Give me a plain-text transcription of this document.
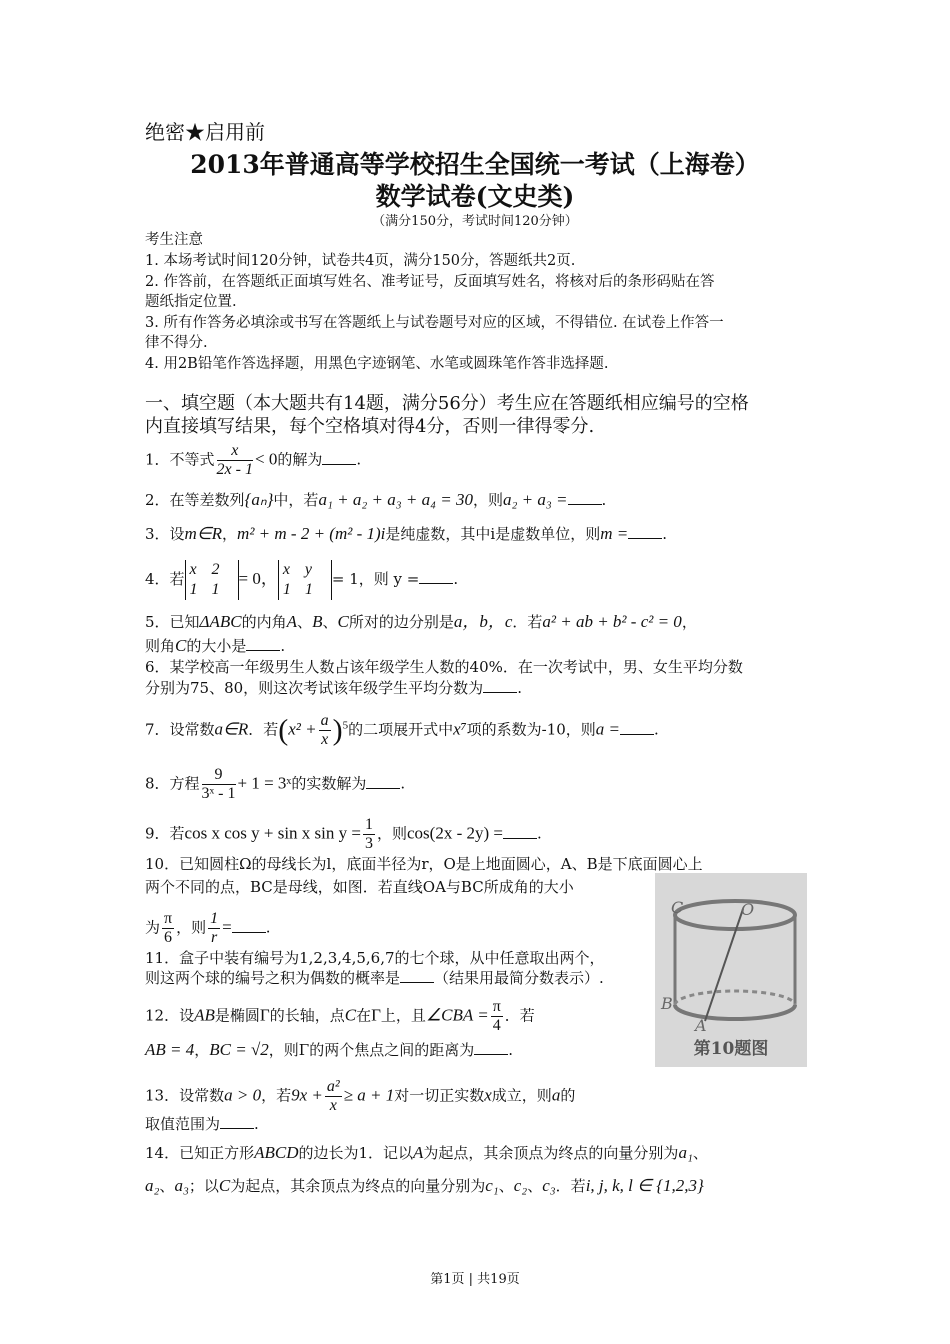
绝密★启用前
2013年普通高等学校招生全国统一考试（上海卷）
数学试卷(文史类)
（满分150分，考试时间120分钟）
考生注意
1. 本场考试时间120分钟，试卷共4页，满分150分，答题纸共2页.
2. 作答前，在答题纸正面填写姓名、准考证号，反面填写姓名，将核对后的条形码贴在答
题纸指定位置.
3. 所有作答务必填涂或书写在答题纸上与试卷题号对应的区域，不得错位. 在试卷上作答一
律不得分.
4. 用2B铅笔作答选择题，用黑色字迹钢笔、水笔或圆珠笔作答非选择题.
一、填空题（本大题共有14题，满分56分）考生应在答题纸相应编号的空格
内直接填写结果，每个空格填对得4分，否则一律得零分.
1．不等式 $\frac{x}{2x - 1} < 0$的解为 .
2．在等差数列{aₙ}中，若a₁ + a₂ + a₃ + a₄ = 30，则a₂ + a₃ = .
3．设m∈R，m² + m - 2 + (m² - 1)i是纯虚数，其中i是虚数单位，则m = .
4．若x 2
1 1= 0， x y
1 1= 1，则 y = .
5．已知ΔABC的内角A、B、C所对的边分别是a，b，c．若a² + ab + b² - c² = 0，
则角C的大小是 .
6．某学校高一年级男生人数占该年级学生人数的40%．在一次考试中，男、女生平均分数
分别为75、80，则这次考试该年级学生平均分数为 .
7．设常数a∈R．若$(x^2 + \frac{a}{x} )^5$的二项展开式中x⁷项的系数为-10，则a = .
8．方程 $\frac{9}{\text{3ˣ - 1}} + 1$ = 3ˣ的实数解为 .
9．若cos x cos y + sin x $\sin y = \frac{1}{3}$ ，则cos(2x - 2y) = .
10．已知圆柱Ω的母线长为l，底面半径为r，O是上地面圆心，A、B是下底面圆心上
两个不同的点，BC是母线，如图．若直线OA与BC所成角的大小
为 $\frac{\pi}{6}$ ，则 $\frac{1}{r}$ = .
11．盒子中装有编号为1,2,3,4,5,6,7的七个球，从中任意取出两个，
则这两个球的编号之积为偶数的概率是 （结果用最简分数表示）.
12．设AB是椭圆Γ的长轴，点C在Γ上，且∠CBA = $\frac{\pi}{4}$ ．若
AB = 4，BC = √2，则Γ的两个焦点之间的距离为 .
13．设常数a > 0，若$9x + \frac{\text{a²}}{x} \ge a + 1$对一切正实数x成立，则a的
取值范围为 .
14．已知正方形ABCD的边长为1．记以A为起点，其余顶点为终点的向量分别为a₁、
a₂、a₃；以C为起点，其余顶点为终点的向量分别为c₁、c₂、c₃．若i, j, k, l ∈ {1,2,3}
C	O
B
A
第10题图
第1页 | 共19页
